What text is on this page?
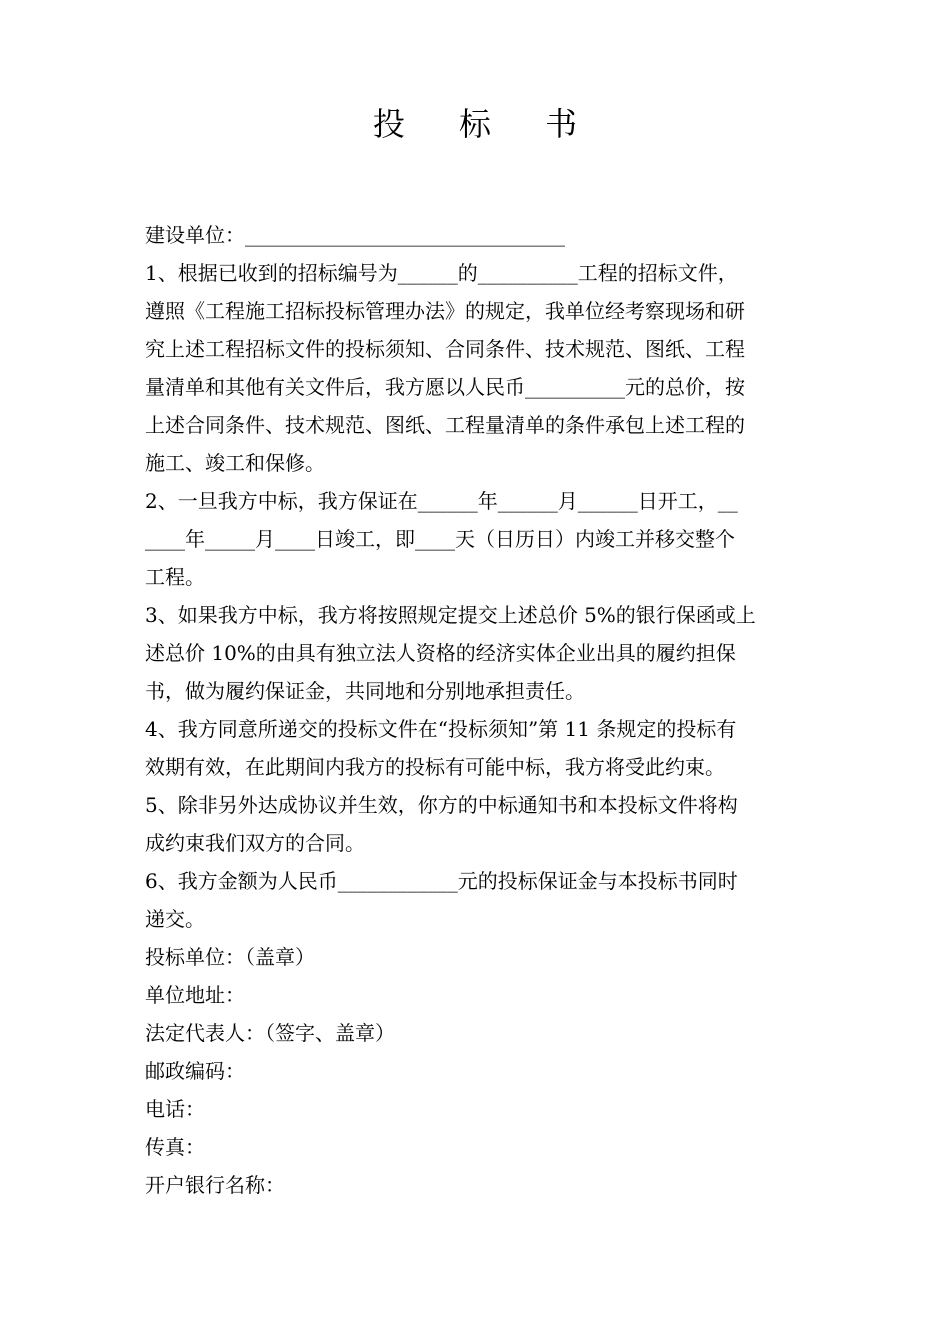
投 标 书
建设单位：________________________________
1、根据已收到的招标编号为______的__________工程的招标文件，
遵照《工程施工招标投标管理办法》的规定，我单位经考察现场和研
究上述工程招标文件的投标须知、合同条件、技术规范、图纸、工程
量清单和其他有关文件后，我方愿以人民币__________元的总价，按
上述合同条件、技术规范、图纸、工程量清单的条件承包上述工程的
施工、竣工和保修。
2、一旦我方中标，我方保证在______年______月______日开工，__
____年_____月____日竣工，即____天（日历日）内竣工并移交整个
工程。
3、如果我方中标，我方将按照规定提交上述总价 5%的银行保函或上
述总价 10%的由具有独立法人资格的经济实体企业出具的履约担保
书，做为履约保证金，共同地和分别地承担责任。
4、我方同意所递交的投标文件在“投标须知”第 11 条规定的投标有
效期有效，在此期间内我方的投标有可能中标，我方将受此约束。
5、除非另外达成协议并生效，你方的中标通知书和本投标文件将构
成约束我们双方的合同。
6、我方金额为人民币____________元的投标保证金与本投标书同时
递交。
投标单位：（盖章）
单位地址：
法定代表人：（签字、盖章）
邮政编码：
电话：
传真：
开户银行名称：
